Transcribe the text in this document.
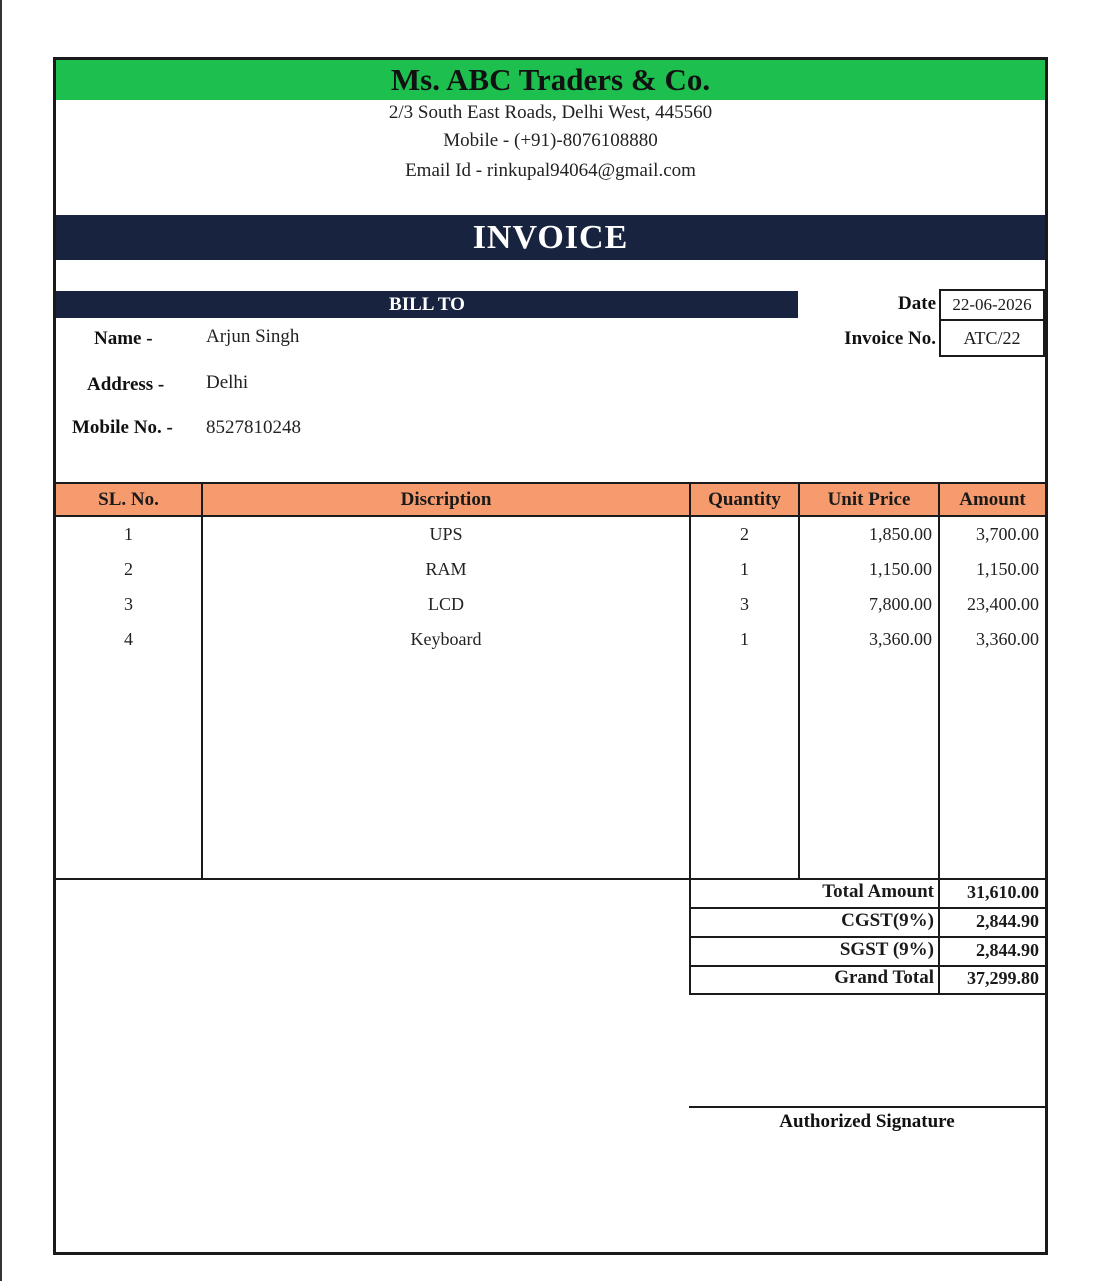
Ms. ABC Traders & Co.
2/3 South East Roads, Delhi West, 445560
Mobile - (+91)-8076108880
Email Id - rinkupal94064@gmail.com
INVOICE
BILL TO
Name -	Arjun Singh
Address - Delhi
Mobile No. - 8527810248
Date 22-06-2026
Invoice No.	ATC/22
SL. No.	Discription	Quantity	Unit Price	Amount
1	UPS	2	1,850.00	3,700.00
2	RAM	1	1,150.00	1,150.00
3	LCD	3	7,800.00	23,400.00
4	Keyboard	1	3,360.00	3,360.00
Total Amount	31,610.00
CGST(9%)	2,844.90
SGST (9%)	2,844.90
Grand Total	37,299.80
Authorized Signature
